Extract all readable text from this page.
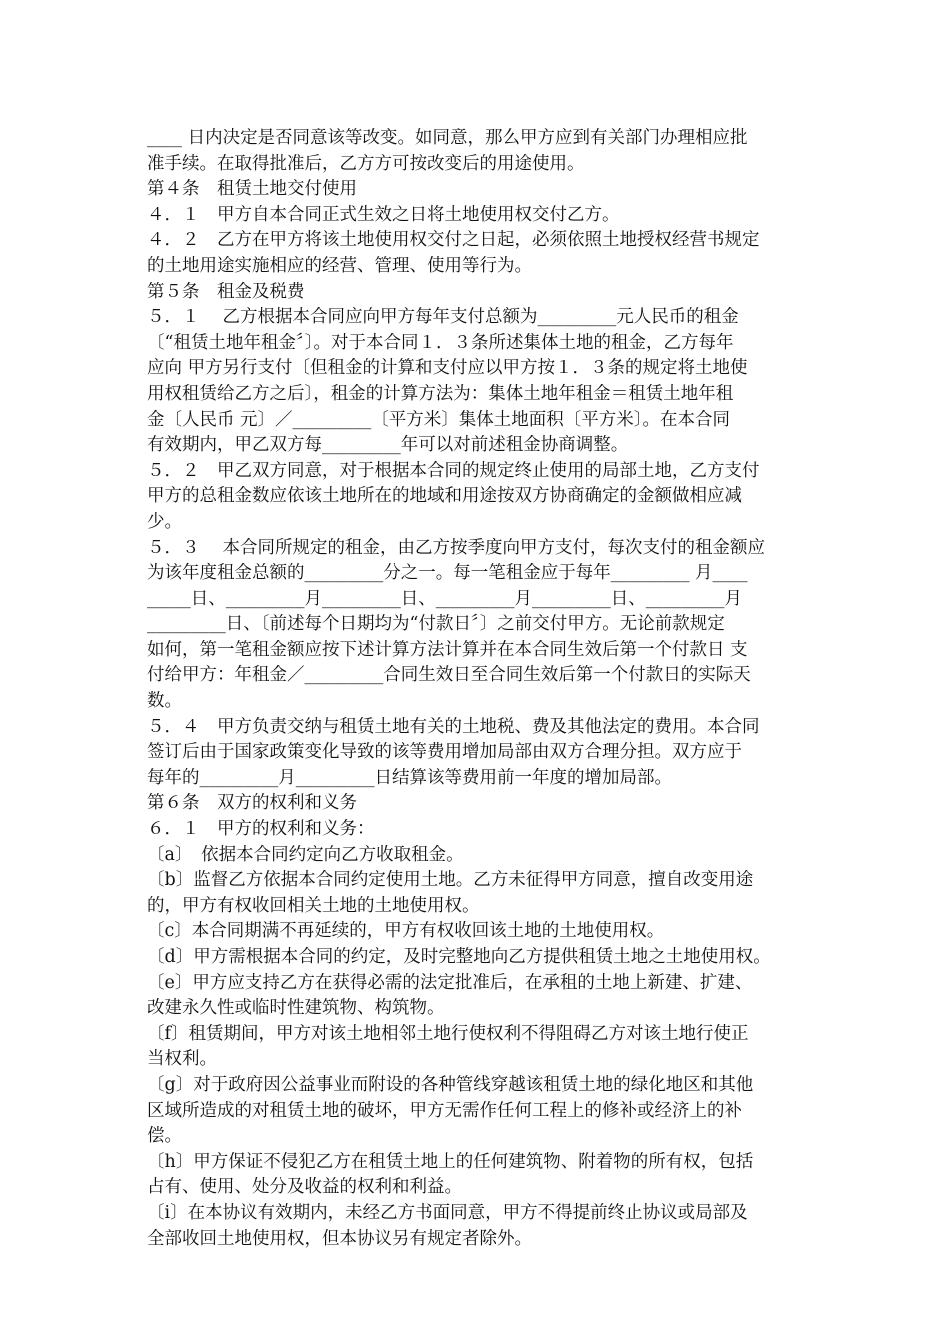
____ 日内决定是否同意该等改变。如同意，那么甲方应到有关部门办理相应批
准手续。在取得批准后，乙方方可按改变后的用途使用。
第４条　租赁土地交付使用
４．１　甲方自本合同正式生效之日将土地使用权交付乙方。
４．２　乙方在甲方将该土地使用权交付之日起，必须依照土地授权经营书规定
的土地用途实施相应的经营、管理、使用等行为。
第５条　租金及税费
５．１　 乙方根据本合同应向甲方每年支付总额为_________元人民币的租金
〔“租赁土地年租金〞〕。对于本合同１．３条所述集体土地的租金，乙方每年
应向 甲方另行支付〔但租金的计算和支付应以甲方按１．３条的规定将土地使
用权租赁给乙方之后〕，租金的计算方法为：集体土地年租金＝租赁土地年租
金〔人民币 元〕／_________〔平方米〕集体土地面积〔平方米〕。在本合同
有效期内，甲乙双方每_________年可以对前述租金协商调整。
５．２　甲乙双方同意，对于根据本合同的规定终止使用的局部土地，乙方支付
甲方的总租金数应依该土地所在的地域和用途按双方协商确定的金额做相应减
少。
５．３　 本合同所规定的租金，由乙方按季度向甲方支付，每次支付的租金额应
为该年度租金总额的_________分之一。每一笔租金应于每年_________ 月____
_____日、_________月_________日、_________月_________日、_________月
_________日、〔前述每个日期均为“付款日〞〕之前交付甲方。无论前款规定
如何，第一笔租金额应按下述计算方法计算并在本合同生效后第一个付款日 支
付给甲方：年租金／_________合同生效日至合同生效后第一个付款日的实际天
数。
５．４　甲方负责交纳与租赁土地有关的土地税、费及其他法定的费用。本合同
签订后由于国家政策变化导致的该等费用增加局部由双方合理分担。双方应于
每年的_________月_________日结算该等费用前一年度的增加局部。
第６条　双方的权利和义务
６．１　甲方的权利和义务：
〔a〕　依据本合同约定向乙方收取租金。
〔b〕监督乙方依据本合同约定使用土地。乙方未征得甲方同意，擅自改变用途
的，甲方有权收回相关土地的土地使用权。
〔c〕本合同期满不再延续的，甲方有权收回该土地的土地使用权。
〔d〕甲方需根据本合同的约定，及时完整地向乙方提供租赁土地之土地使用权。
〔e〕甲方应支持乙方在获得必需的法定批准后，在承租的土地上新建、扩建、
改建永久性或临时性建筑物、构筑物。
〔f〕租赁期间，甲方对该土地相邻土地行使权利不得阻碍乙方对该土地行使正
当权利。
〔g〕对于政府因公益事业而附设的各种管线穿越该租赁土地的绿化地区和其他
区域所造成的对租赁土地的破坏，甲方无需作任何工程上的修补或经济上的补
偿。
〔h〕甲方保证不侵犯乙方在租赁土地上的任何建筑物、附着物的所有权，包括
占有、使用、处分及收益的权利和利益。
〔i〕在本协议有效期内，未经乙方书面同意，甲方不得提前终止协议或局部及
全部收回土地使用权，但本协议另有规定者除外。
